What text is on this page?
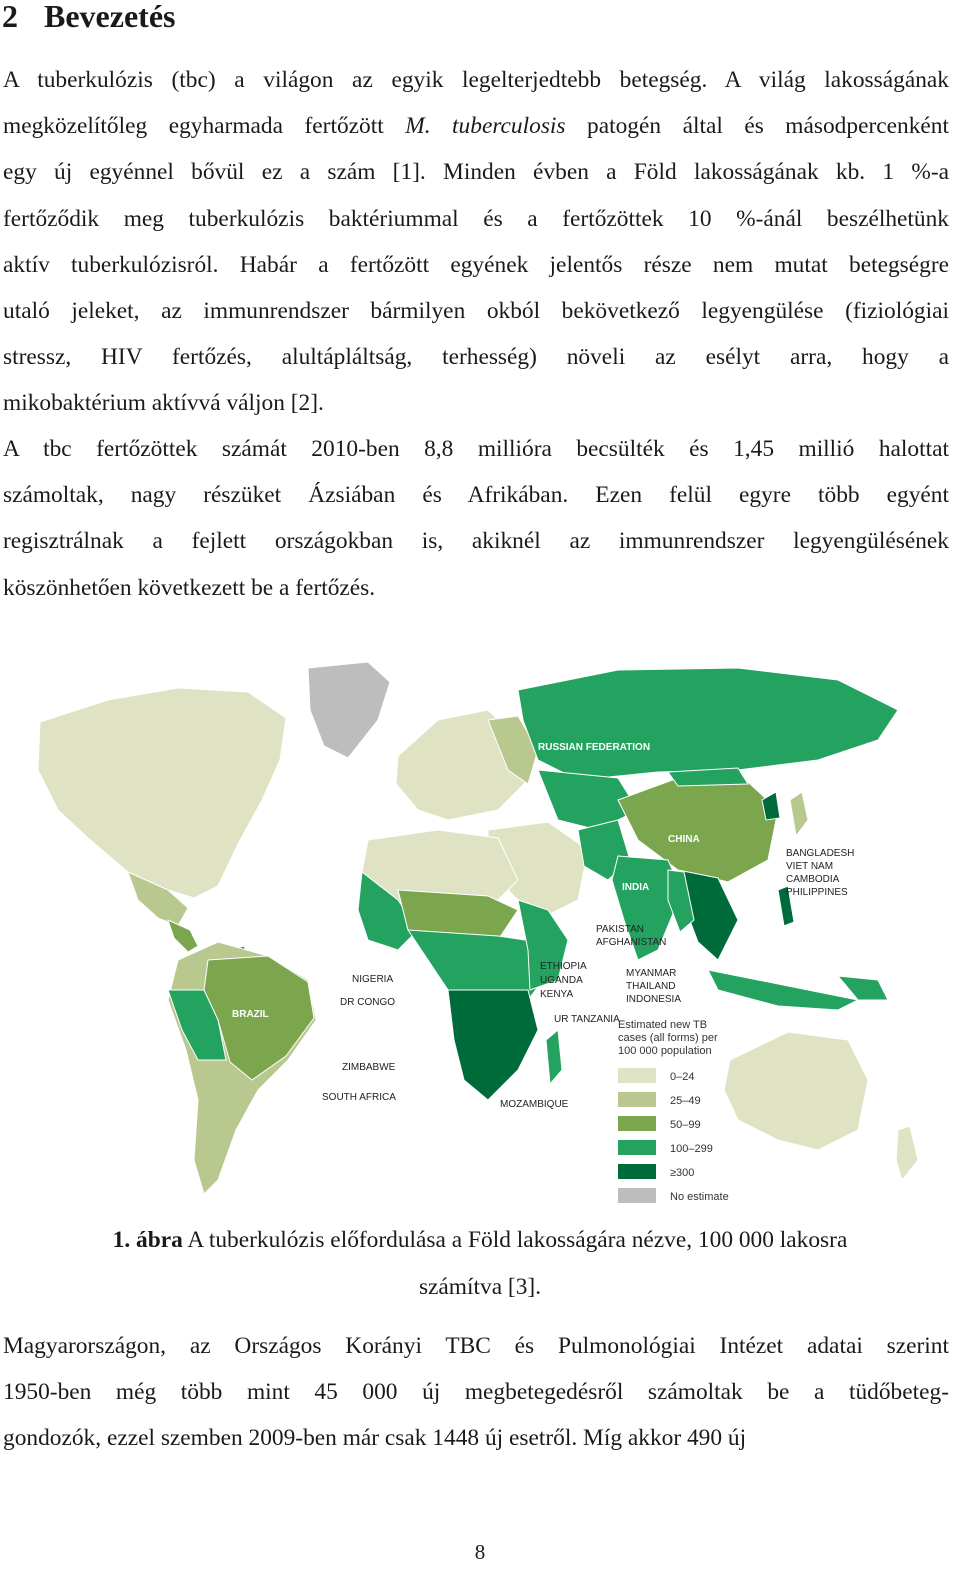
2 Bevezetés
A tuberkulózis (tbc) a világon az egyik legelterjedtebb betegség. A világ lakosságának
megközelítőleg egyharmada fertőzött M. tuberculosis patogén által és másodpercenként
egy új egyénnel bővül ez a szám [1]. Minden évben a Föld lakosságának kb. 1 %-a
fertőződik meg tuberkulózis baktériummal és a fertőzöttek 10 %-ánál beszélhetünk
aktív tuberkulózisról. Habár a fertőzött egyének jelentős része nem mutat betegségre
utaló jeleket, az immunrendszer bármilyen okból bekövetkező legyengülése (fiziológiai
stressz, HIV fertőzés, alultápláltság, terhesség) növeli az esélyt arra, hogy a
mikobaktérium aktívvá váljon [2].
A tbc fertőzöttek számát 2010-ben 8,8 millióra becsülték és 1,45 millió halottat
számoltak, nagy részüket Ázsiában és Afrikában. Ezen felül egyre több egyént
regisztrálnak a fejlett országokban is, akiknél az immunrendszer legyengülésének
köszönhetően következett be a fertőzés.
RUSSIAN FEDERATION
CHINA
INDIA
BRAZIL
BANGLADESH
VIET NAM
CAMBODIA
PHILIPPINES
PAKISTAN
AFGHANISTAN
ETHIOPIA
UGANDA
KENYA
MYANMAR
THAILAND
INDONESIA
UR TANZANIA
NIGERIA
DR CONGO
ZIMBABWE
SOUTH AFRICA
MOZAMBIQUE
Estimated new TB
cases (all forms) per
100 000 population
0–24
25–49
50–99
100–299
≥300
No estimate

1. ábra A tuberkulózis előfordulása a Föld lakosságára nézve, 100 000 lakosra
számítva [3].

Magyarországon, az Országos Korányi TBC és Pulmonológiai Intézet adatai szerint
1950-ben még több mint 45 000 új megbetegedésről számoltak be a tüdőbeteg-
gondozók, ezzel szemben 2009-ben már csak 1448 új esetről. Míg akkor 490 új
8
